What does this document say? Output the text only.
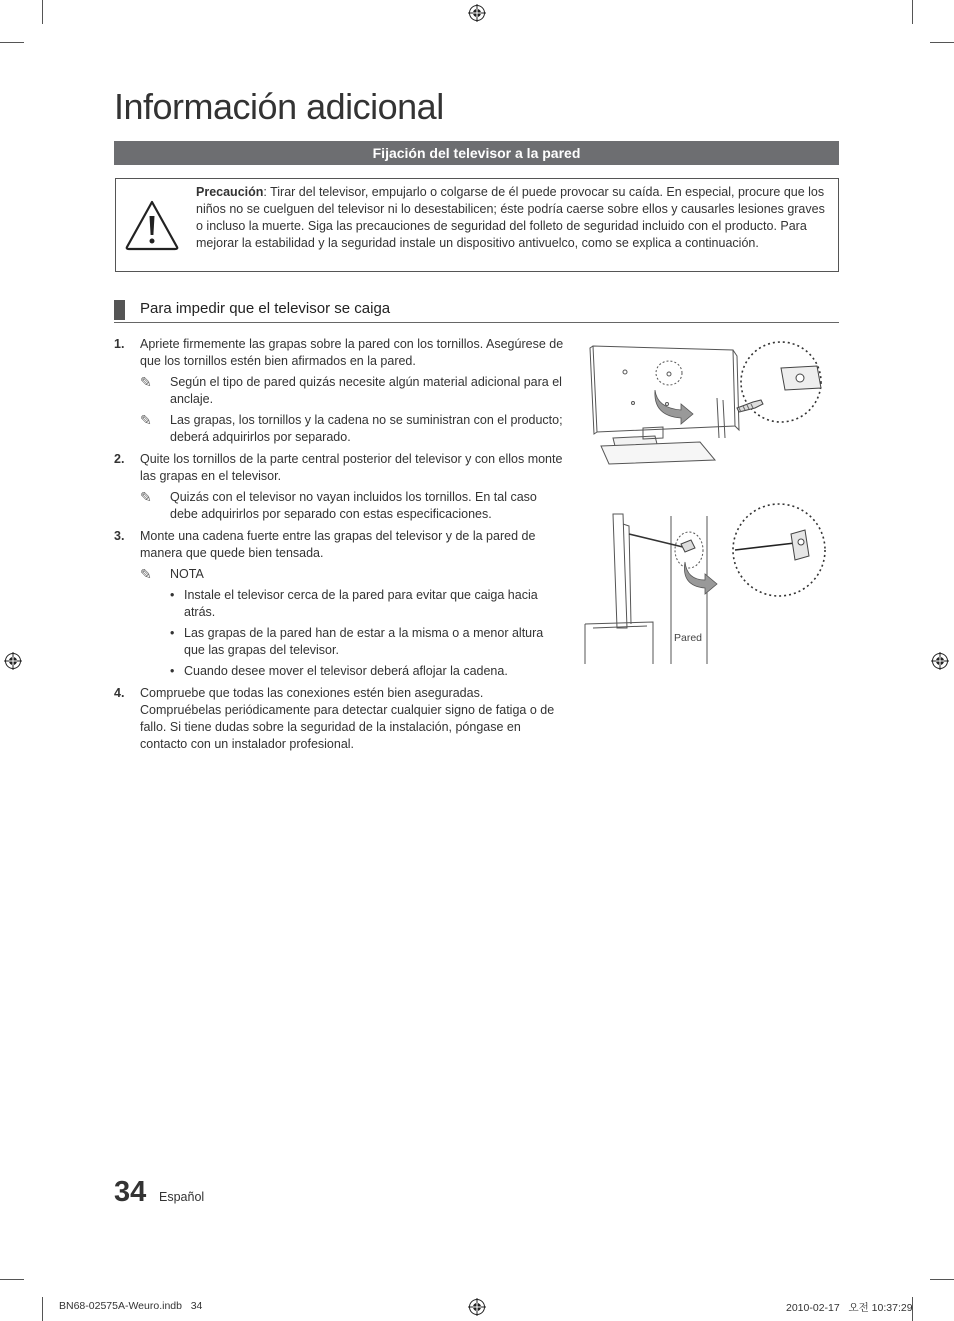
Información adicional
Fijación del televisor a la pared
Precaución: Tirar del televisor, empujarlo o colgarse de él puede provocar su caída. En especial, procure que los niños no se cuelguen del televisor ni lo desestabilicen; éste podría caerse sobre ellos y causarles lesiones graves o incluso la muerte. Siga las precauciones de seguridad del folleto de seguridad incluido con el producto. Para mejorar la estabilidad y la seguridad instale un dispositivo antivuelco, como se explica a continuación.
Para impedir que el televisor se caiga
1. Apriete firmemente las grapas sobre la pared con los tornillos. Asegúrese de que los tornillos estén bien afirmados en la pared.
✎ Según el tipo de pared quizás necesite algún material adicional para el anclaje.
✎ Las grapas, los tornillos y la cadena no se suministran con el producto; deberá adquirirlos por separado.
2. Quite los tornillos de la parte central posterior del televisor y con ellos monte las grapas en el televisor.
✎ Quizás con el televisor no vayan incluidos los tornillos. En tal caso debe adquirirlos por separado con estas especificaciones.
3. Monte una cadena fuerte entre las grapas del televisor y de la pared de manera que quede bien tensada.
✎ NOTA
• Instale el televisor cerca de la pared para evitar que caiga hacia atrás.
• Las grapas de la pared han de estar a la misma o a menor altura que las grapas del televisor.
• Cuando desee mover el televisor deberá aflojar la cadena.
4. Compruebe que todas las conexiones estén bien aseguradas. Compruébelas periódicamente para detectar cualquier signo de fatiga o de fallo. Si tiene dudas sobre la seguridad de la instalación, póngase en contacto con un instalador profesional.
Pared
34 Español
BN68-02575A-Weuro.indb   34	2010-02-17   오전 10:37:29
